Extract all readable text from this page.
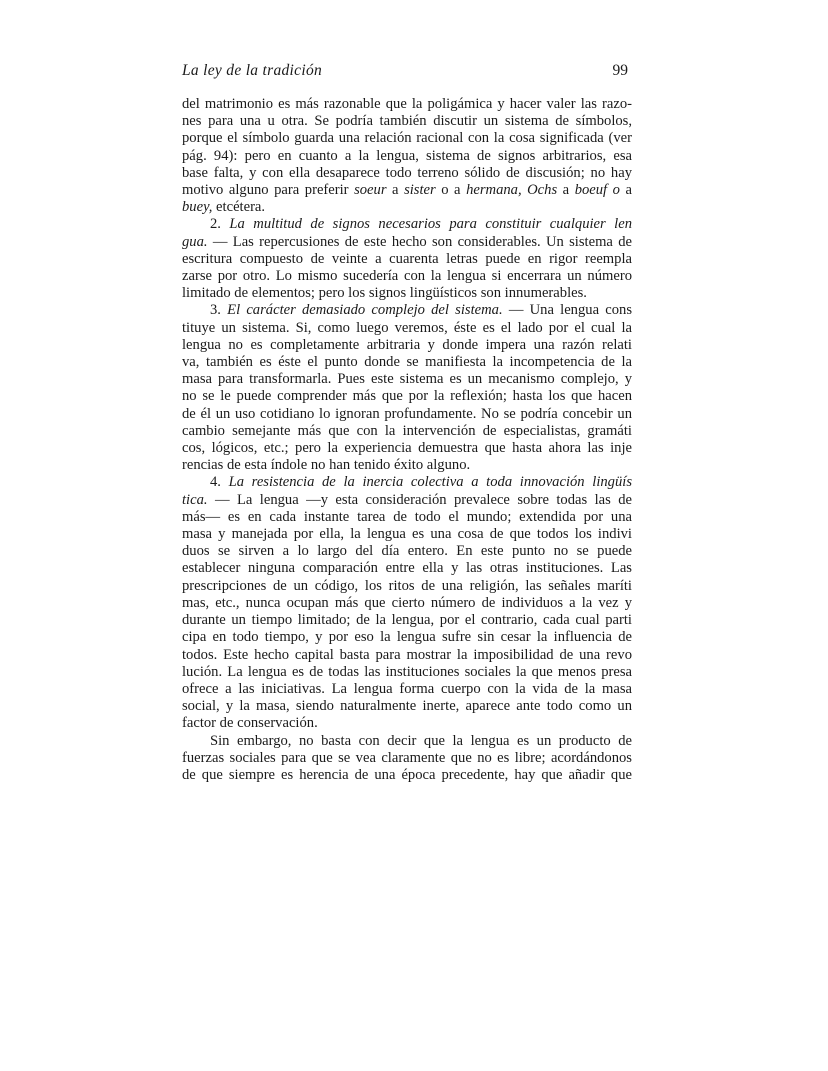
La ley de la tradición	99
del matrimonio es más razonable que la poligámica y hacer valer las razo-
nes para una u otra. Se podría también discutir un sistema de símbolos,
porque el símbolo guarda una relación racional con la cosa significada (ver
pág. 94): pero en cuanto a la lengua, sistema de signos arbitrarios, esa
base falta, y con ella desaparece todo terreno sólido de discusión; no hay
motivo alguno para preferir soeur a sister o a hermana, Ochs a boeuf o a
buey, etcétera.
2. La multitud de signos necesarios para constituir cualquier len
gua. — Las repercusiones de este hecho son considerables. Un sistema de
escritura compuesto de veinte a cuarenta letras puede en rigor reempla
zarse por otro. Lo mismo sucedería con la lengua si encerrara un número
limitado de elementos; pero los signos lingüísticos son innumerables.
3. El carácter demasiado complejo del sistema. — Una lengua cons
tituye un sistema. Si, como luego veremos, éste es el lado por el cual la
lengua no es completamente arbitraria y donde impera una razón relati
va, también es éste el punto donde se manifiesta la incompetencia de la
masa para transformarla. Pues este sistema es un mecanismo complejo, y
no se le puede comprender más que por la reflexión; hasta los que hacen
de él un uso cotidiano lo ignoran profundamente. No se podría concebir un
cambio semejante más que con la intervención de especialistas, gramáti
cos, lógicos, etc.; pero la experiencia demuestra que hasta ahora las inje
rencias de esta índole no han tenido éxito alguno.
4. La resistencia de la inercia colectiva a toda innovación lingüís
tica. — La lengua —y esta consideración prevalece sobre todas las de
más— es en cada instante tarea de todo el mundo; extendida por una
masa y manejada por ella, la lengua es una cosa de que todos los indivi
duos se sirven a lo largo del día entero. En este punto no se puede
establecer ninguna comparación entre ella y las otras instituciones. Las
prescripciones de un código, los ritos de una religión, las señales maríti
mas, etc., nunca ocupan más que cierto número de individuos a la vez y
durante un tiempo limitado; de la lengua, por el contrario, cada cual parti
cipa en todo tiempo, y por eso la lengua sufre sin cesar la influencia de
todos. Este hecho capital basta para mostrar la imposibilidad de una revo
lución. La lengua es de todas las instituciones sociales la que menos presa
ofrece a las iniciativas. La lengua forma cuerpo con la vida de la masa
social, y la masa, siendo naturalmente inerte, aparece ante todo como un
factor de conservación.
Sin embargo, no basta con decir que la lengua es un producto de
fuerzas sociales para que se vea claramente que no es libre; acordándonos
de que siempre es herencia de una época precedente, hay que añadir que
